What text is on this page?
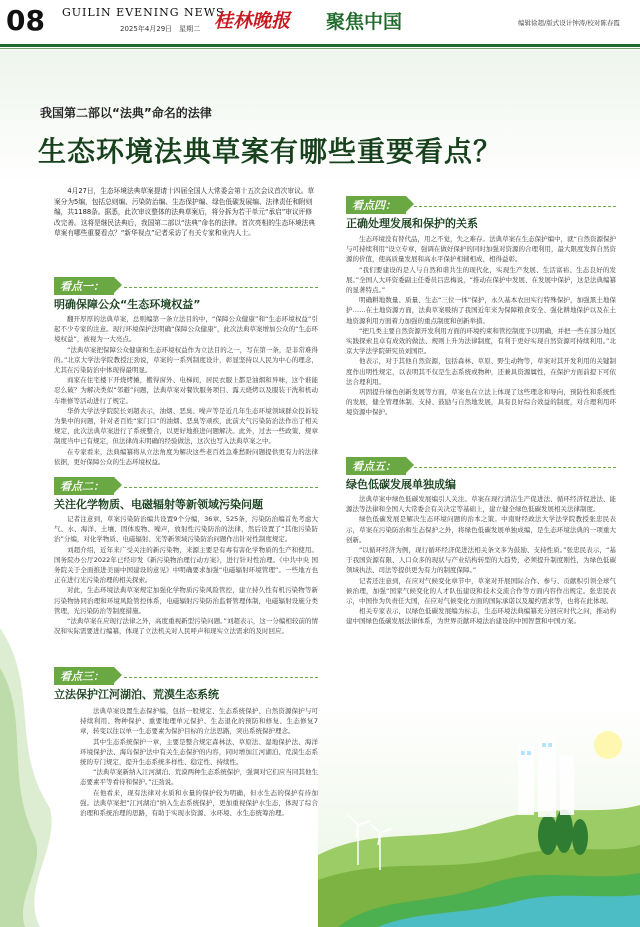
08 GUILIN EVENING NEWS
2025年4月29日　星期二 桂林晚报 聚焦中国	编辑徐超/版式设计钟涛/校对陈春霞
我国第二部以“法典”命名的法律
生态环境法典草案有哪些重要看点？
4月27日，生态环境法典草案提请十四届全国人大常委会第十五次会议首次审议。草案分为5编，包括总则编、污染防治编、生态保护编、绿色低碳发展编、法律责任和附则编，共1188条。据悉，此次审议整体的法典草案后，将分拆为若干单元“承启”审议评修改完善。这将是继民法典后，我国第二部以“法典”命名的法律。首次亮相的生态环境法典草案有哪些重要看点？“新华视点”记者采访了有关专家和业内人士。
看点一：
明确保障公众“生态环境权益”

翻开厚厚的法典草案，总则编第一条立法目的中，“保障公众健康”和“生态环境权益”引起不少专家的注意。现行环境保护法明确“保障公众健康”，此次法典草案增加公众的“生态环境权益”，被视为一大亮点。

“法典草案把保障公众健康和生态环境权益作为立法目的之一，写在第一条，是非常难得的。”北京大学法学院教授汪劲说，草案的一系列制度设计，彰显坚持以人民为中心的理念，尤其在污染防治中体现得最明显。

商家在住宅楼下开烧烤摊，搬得窗外、电梯间，居民衣服上都是油烟和异味，这个谁能忍么破？为解决类似“邻避”问题，法典草案对餐饮服务项目、露天烧烤以及服装干洗和机动车维修等活动进行了规定。

华侨大学法学院院长刘超表示，油烟、恶臭、噪声等是近几年生态环境领域群众投诉较为集中的问题，针对老百姓“家门口”的油烟、恶臭等顽疾，此前大气污染防治法作出了相关规定，此次法典草案进行了系统整合，以更好地推进问题解决。此外，过去一些政策、规章制度当中已有规定，但法律尚未明确的经验做法，这次也写入法典草案之中。

在专家看来，法典编纂将从立法角度为解决这些老百姓急难愁盼问题提供更有力的法律依据，更好保障公众的生态环境权益。

看点二：
关注化学物质、电磁辐射等新领域污染问题

记者注意到，草案污染防治编共设置9个分编，36章、525条，污染防治编首先考虑大气、水、海洋、土壤、固体废物、噪声，放射性污染防治的法律，然后设置了“其他污染防治”分编，对化学物质、电磁辐射、光等新领域污染防治问题作出针对性制度规定。

刘超介绍，近年来广受关注的新污染物，来源主要是有毒有害化学物质的生产和使用。国务院办公厅2022年已经印发《新污染物治理行动方案》，进行针对性治理。《中共中央 国务院关于全面推进美丽中国建设的意见》中明确要求加强“电磁辐射环境管理”。一些地方也正在进行光污染治理的相关探索。

对此，生态环境法典草案规定加强化学物质污染风险管控，建立持久性有机污染物等新污染物协同治理和环境风险管控体系，电磁辐射污染防治监督管理体制，电磁辐射设施分类管理，光污染防治等制度措施。

“法典草案在应现行法律之外，高度重视新型污染问题。”刘超表示，这一分编相较前的情况和实际需要进行编纂，体现了立法机关对人民呼声和现实立法需求的及时回应。

看点三：
立法保护江河湖泊、荒漠生态系统

法典草案设置生态保护编，包括一般规定、生态系统保护、自然资源保护与可持续利用、物种保护、重要地理单元保护、生态退化的预防和修复、生态修复7章，转变以往以单一生态要素为保护目标的立法思路，突出系统保护理念。

其中生态系统保护一章，主要是整合规定森林法、草原法、湿地保护法、海洋环境保护法、海岛保护法中有关生态保护的内容，同时增加江河湖泊、荒漠生态系统的专门规定，提升生态系统多样性、稳定性、持续性。

“法典草案新纳入江河湖泊、荒漠两种生态系统保护，强调对它们应当同其他生态要素平等看待和保护。”汪劲说。

在他看来，现有法律对水质和水量的保护较为明确，但水生态的保护有待加强。法典草案把“江河湖泊”纳入生态系统保护，更加重视保护水生态，体现了综合治理和系统治理的思路，有助于实现水资源、水环境、水生态统筹治理。

看点四：
正确处理发展和保护的关系

生态环境没有替代品，用之不觉，失之难存。法典草案在生态保护编中，就“自然资源保护与可持续利用”设立专章，强调在做好保护的同时加强对资源的合理利用，最大限度发挥自然资源的价值，使高质量发展和高水平保护相辅相成、相得益彰。

“我们要建设的是人与自然和谐共生的现代化，实现生产发展、生活富裕、生态良好的发展。”全国人大环资委副主任委员吕忠梅说，“推动在保护中发展、在发展中保护，这是法典编纂的显著特点。”

明确耕地数量、质量、生态“三位一体”保护，永久基本农田实行特殊保护，加强黑土地保护……在土地资源方面，法典草案吸纳了我国近年来为保障粮食安全、强化耕地保护以及在土地资源利用方面着力加强的重点制度和创新举措。

“把几类主要自然资源开发利用方面的环境约束和管控制度予以明确，并把一些在部分地区实践探索且卓有成效的做法、规则上升为法律制度，有利于更好实现自然资源可持续利用。”北京大学法学院研究员刘国臣。

他表示，对于其他自然资源，包括森林、草原、野生动物等，草案对其开发利用的关键制度作出明性规定，以表明其不仅是生态系统或物种，还兼具资源属性，在保护方面前提下可依法合理利用。

巩固提升绿色创新发展等方面，草案也在立法上体现了这些理念和导向，预防性和系统性的发展，健全管理体制，支持、鼓励与自然地发展，具有良好综合效益的制度，对合理利用环境资源中保护。

看点五：
绿色低碳发展单独成编

法典草案中绿色低碳发展编引人关注。草案在现行清洁生产促进法、循环经济促进法、能源法等法律和全国人大常委会有关决定等基础上，建立健全绿色低碳发展相关法律制度。

绿色低碳发展是解决生态环境问题的治本之策。中南财经政法大学法学院教授张忠民表示，草案在污染防治和生态保护之外，将绿色低碳发展单独成编，是生态环境法典的一项重大创新。

“以循环经济为例，现行循环经济促进法相关条文多为鼓励、支持性质。”张忠民表示，“基于我国资源有限、人口众多的现状与产业结构转型的大趋势，必须提升制度刚性，为绿色低碳领域执法、司法等提供更为有力的制度保障。”

记者还注意到，在应对气候变化章节中，草案对开展国际合作、参与、贡献积引领全球气候治理，加强“国家气候变化的人才队伍建设和技术交流合作等方面内容作出规定。张忠民表示，中国作为负责任大国，在应对气候变化方面的国际承诺以及履约需求等，也将在此体现。

相关专家表示，以绿色低碳发展编为标志，生态环境法典编纂充分回应时代之问，推动构建中国绿色低碳发展法律体系，为世界贡献环境法治建设的中国智慧和中国方案。
